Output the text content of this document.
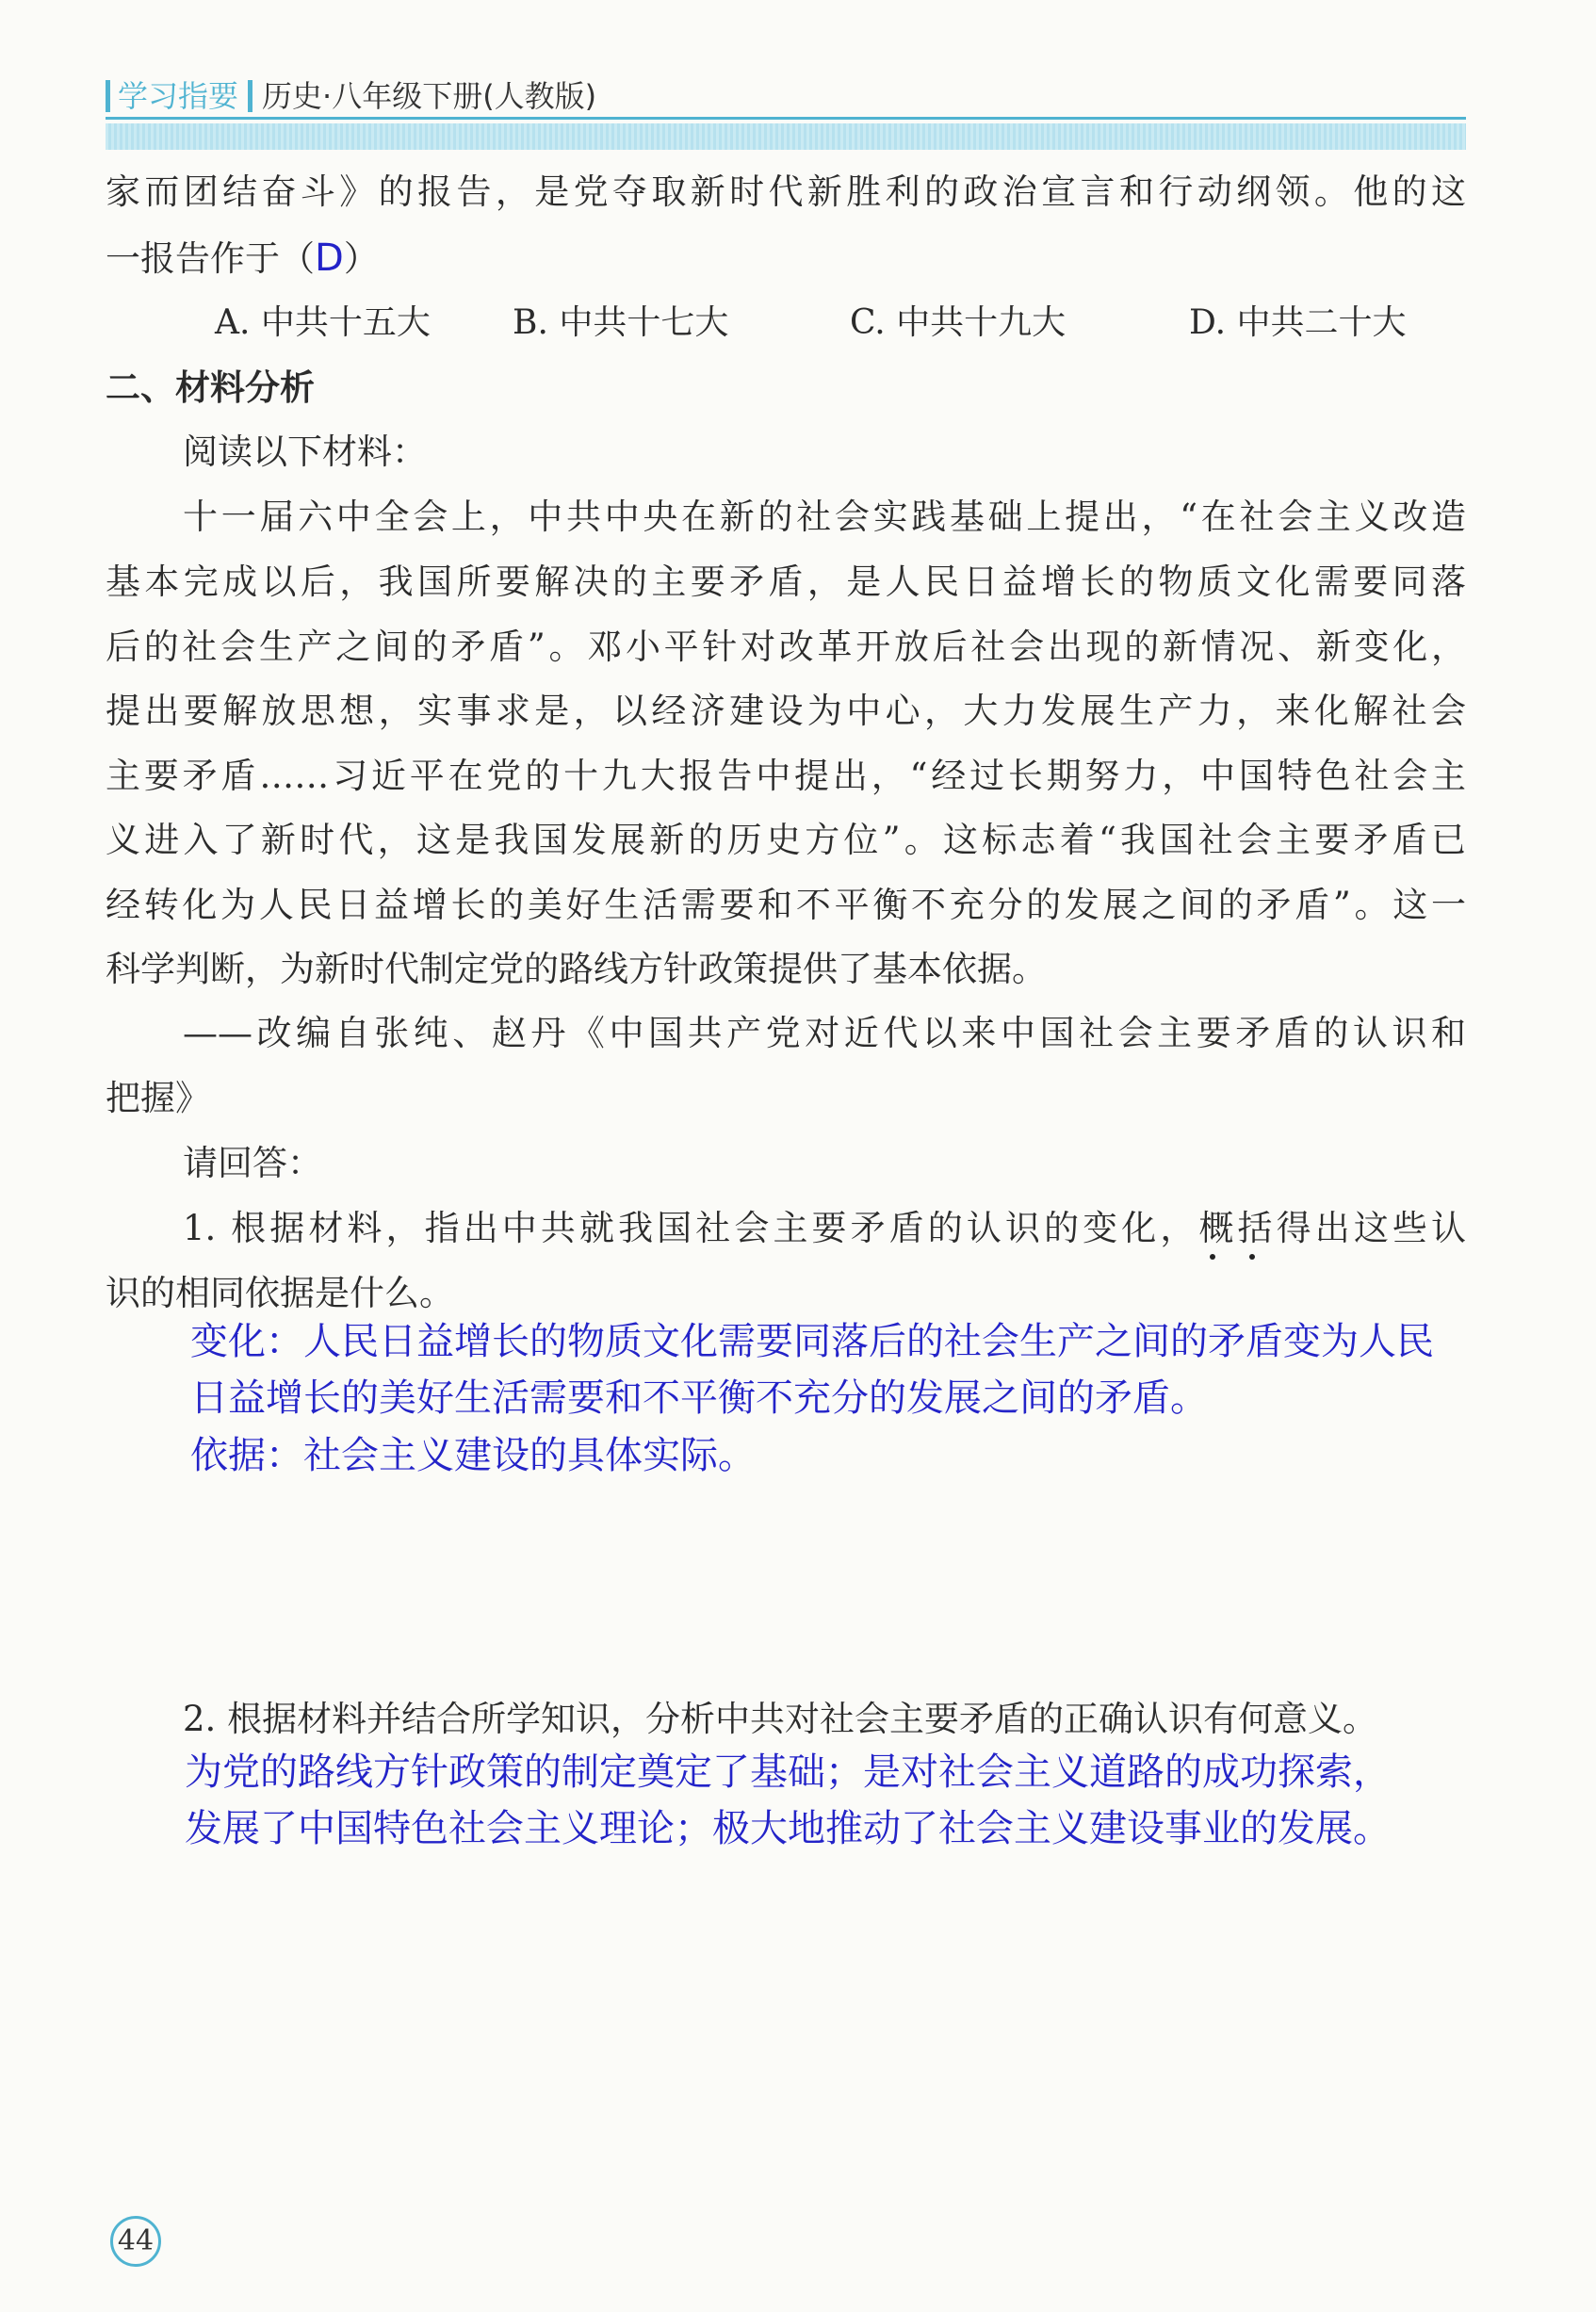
学习指要 历史·八年级下册(人教版)
家而团结奋斗》的报告，是党夺取新时代新胜利的政治宣言和行动纲领。他的这
一报告作于（D）
A. 中共十五大 B. 中共十七大	C. 中共十九大	D. 中共二十大
二、材料分析
阅读以下材料：
十一届六中全会上，中共中央在新的社会实践基础上提出，“在社会主义改造
基本完成以后，我国所要解决的主要矛盾，是人民日益增长的物质文化需要同落
后的社会生产之间的矛盾”。邓小平针对改革开放后社会出现的新情况、新变化，
提出要解放思想，实事求是，以经济建设为中心，大力发展生产力，来化解社会
主要矛盾……习近平在党的十九大报告中提出，“经过长期努力，中国特色社会主
义进入了新时代，这是我国发展新的历史方位”。这标志着“我国社会主要矛盾已
经转化为人民日益增长的美好生活需要和不平衡不充分的发展之间的矛盾”。这一
科学判断，为新时代制定党的路线方针政策提供了基本依据。
——改编自张纯、赵丹《中国共产党对近代以来中国社会主要矛盾的认识和
把握》
请回答：
1. 根据材料，指出中共就我国社会主要矛盾的认识的变化，概括得出这些认
识的相同依据是什么。
变化：人民日益增长的物质文化需要同落后的社会生产之间的矛盾变为人民
日益增长的美好生活需要和不平衡不充分的发展之间的矛盾。
依据：社会主义建设的具体实际。
2. 根据材料并结合所学知识，分析中共对社会主要矛盾的正确认识有何意义。
为党的路线方针政策的制定奠定了基础；是对社会主义道路的成功探索，
发展了中国特色社会主义理论；极大地推动了社会主义建设事业的发展。
44
